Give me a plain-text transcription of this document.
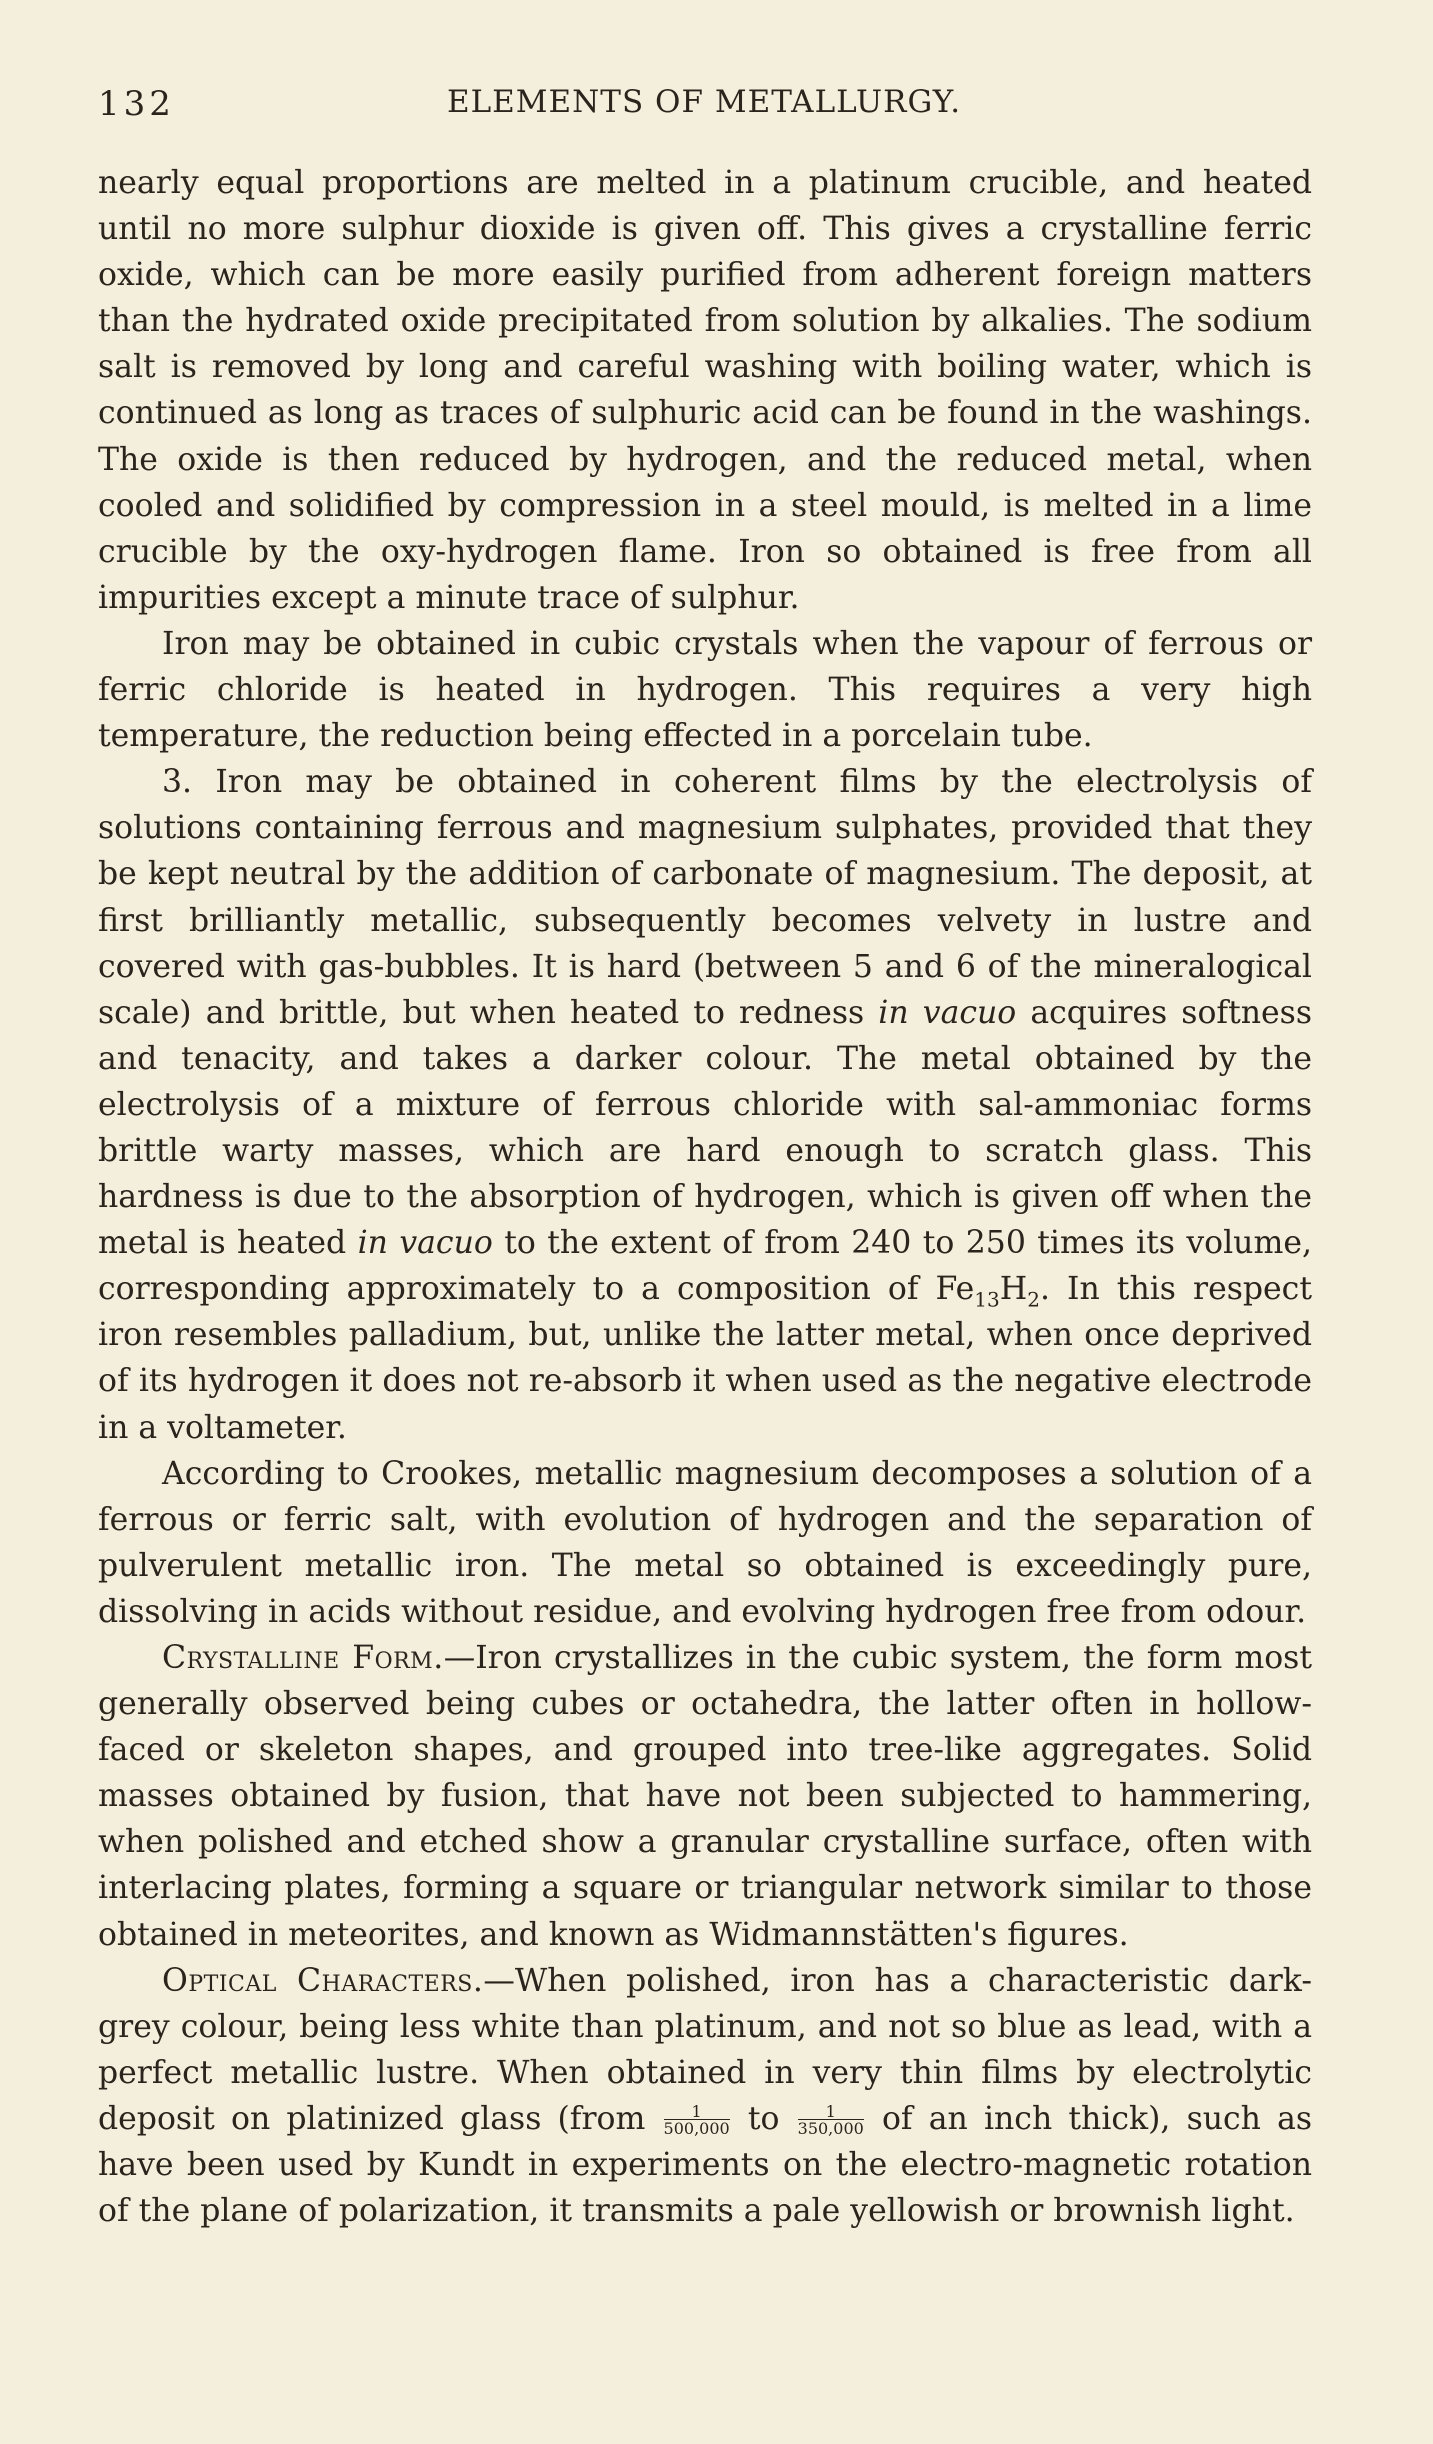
132	ELEMENTS OF METALLURGY.

nearly equal proportions are melted in a platinum crucible, and heated until no more sulphur dioxide is given off. This gives a crystalline ferric oxide, which can be more easily purified from adherent foreign matters than the hydrated oxide precipitated from solution by alkalies. The sodium salt is removed by long and careful washing with boiling water, which is continued as long as traces of sulphuric acid can be found in the washings. The oxide is then reduced by hydrogen, and the reduced metal, when cooled and solidified by compression in a steel mould, is melted in a lime crucible by the oxy-hydrogen flame. Iron so obtained is free from all impurities except a minute trace of sulphur.

Iron may be obtained in cubic crystals when the vapour of ferrous or ferric chloride is heated in hydrogen. This requires a very high temperature, the reduction being effected in a porcelain tube.

3. Iron may be obtained in coherent films by the electrolysis of solutions containing ferrous and magnesium sulphates, provided that they be kept neutral by the addition of carbonate of magnesium. The deposit, at first brilliantly metallic, subsequently becomes velvety in lustre and covered with gas-bubbles. It is hard (between 5 and 6 of the mineralogical scale) and brittle, but when heated to redness in vacuo acquires softness and tenacity, and takes a darker colour. The metal obtained by the electrolysis of a mixture of ferrous chloride with sal-ammoniac forms brittle warty masses, which are hard enough to scratch glass. This hardness is due to the absorption of hydrogen, which is given off when the metal is heated in vacuo to the extent of from 240 to 250 times its volume, corresponding approximately to a composition of $Fe_{13}H_2$. In this respect iron resembles palladium, but, unlike the latter metal, when once deprived of its hydrogen it does not re-absorb it when used as the negative electrode in a voltameter.

According to Crookes, metallic magnesium decomposes a solution of a ferrous or ferric salt, with evolution of hydrogen and the separation of pulverulent metallic iron. The metal so obtained is exceedingly pure, dissolving in acids without residue, and evolving hydrogen free from odour.

Crystalline Form.—Iron crystallizes in the cubic system, the form most generally observed being cubes or octahedra, the latter often in hollow-faced or skeleton shapes, and grouped into tree-like aggregates. Solid masses obtained by fusion, that have not been subjected to hammering, when polished and etched show a granular crystalline surface, often with interlacing plates, forming a square or triangular network similar to those obtained in meteorites, and known as Widmannstätten's figures.

Optical Characters.—When polished, iron has a characteristic dark-grey colour, being less white than platinum, and not so blue as lead, with a perfect metallic lustre. When obtained in very thin films by electrolytic deposit on platinized glass (from $\frac{1}{500,000}$ to $\frac{1}{350,000}$ of an inch thick), such as have been used by Kundt in experiments on the electro-magnetic rotation of the plane of polarization, it transmits a pale yellowish or brownish light.
